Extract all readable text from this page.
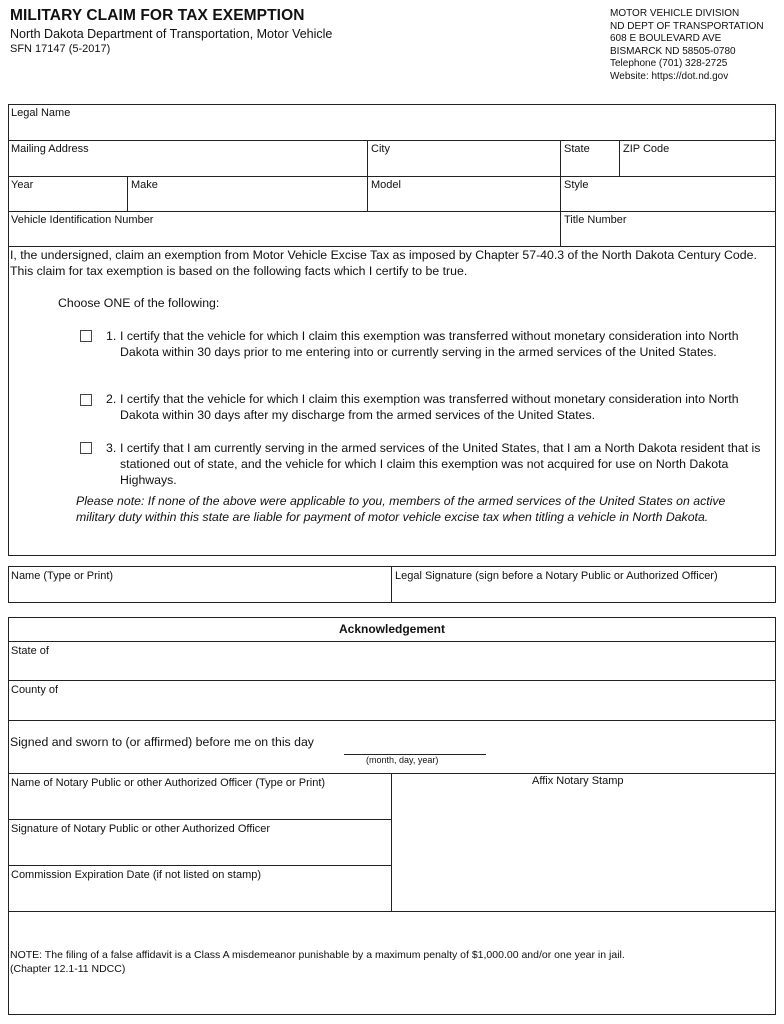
MILITARY CLAIM FOR TAX EXEMPTION
North Dakota Department of Transportation, Motor Vehicle
SFN 17147 (5-2017)
MOTOR VEHICLE DIVISION
ND DEPT OF TRANSPORTATION
608 E BOULEVARD AVE
BISMARCK ND 58505-0780
Telephone (701) 328-2725
Website: https://dot.nd.gov
Legal Name
Mailing Address	City	State	ZIP Code
Year	Make	Model	Style
Vehicle Identification Number	Title Number
I, the undersigned, claim an exemption from Motor Vehicle Excise Tax as imposed by Chapter 57-40.3 of the North Dakota Century Code. This claim for tax exemption is based on the following facts which I certify to be true.
Choose ONE of the following:
1. I certify that the vehicle for which I claim this exemption was transferred without monetary consideration into North Dakota within 30 days prior to me entering into or currently serving in the armed services of the United States.
2. I certify that the vehicle for which I claim this exemption was transferred without monetary consideration into North Dakota within 30 days after my discharge from the armed services of the United States.
3. I certify that I am currently serving in the armed services of the United States, that I am a North Dakota resident that is stationed out of state, and the vehicle for which I claim this exemption was not acquired for use on North Dakota Highways.
Please note: If none of the above were applicable to you, members of the armed services of the United States on active military duty within this state are liable for payment of motor vehicle excise tax when titling a vehicle in North Dakota.
Name (Type or Print)	Legal Signature (sign before a Notary Public or Authorized Officer)
Acknowledgement
State of
County of
Signed and sworn to (or affirmed) before me on this day
(month, day, year)
Name of Notary Public or other Authorized Officer (Type or Print)	Affix Notary Stamp
Signature of Notary Public or other Authorized Officer
Commission Expiration Date (if not listed on stamp)
NOTE: The filing of a false affidavit is a Class A misdemeanor punishable by a maximum penalty of $1,000.00 and/or one year in jail.
(Chapter 12.1-11 NDCC)
